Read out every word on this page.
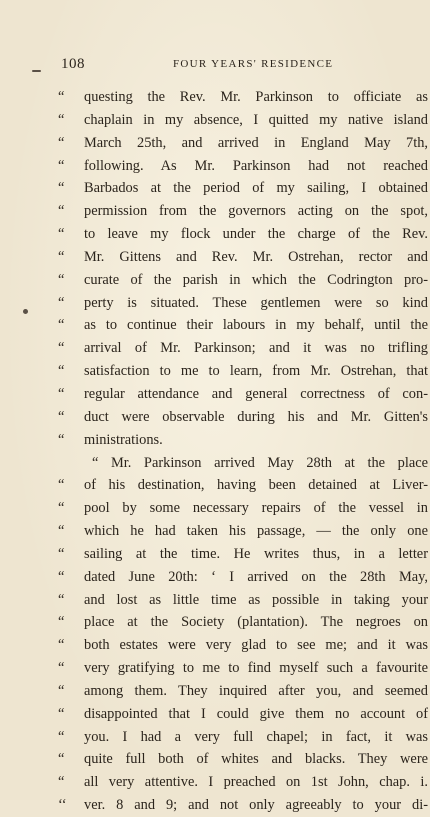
108	FOUR YEARS' RESIDENCE
“	questing the Rev. Mr. Parkinson to officiate as
“	chaplain in my absence, I quitted my native island
“	March 25th, and arrived in England May 7th,
“	following. As Mr. Parkinson had not reached
“	Barbados at the period of my sailing, I obtained
“	permission from the governors acting on the spot,
“	to leave my flock under the charge of the Rev.
“	Mr. Gittens and Rev. Mr. Ostrehan, rector and
“	curate of the parish in which the Codrington pro-
“	perty is situated. These gentlemen were so kind
“	as to continue their labours in my behalf, until the
“	arrival of Mr. Parkinson; and it was no trifling
“	satisfaction to me to learn, from Mr. Ostrehan, that
“	regular attendance and general correctness of con-
“	duct were observable during his and Mr. Gitten's
“	ministrations.
“ Mr. Parkinson arrived May 28th at the place
“	of his destination, having been detained at Liver-
“	pool by some necessary repairs of the vessel in
“	which he had taken his passage, — the only one
“	sailing at the time. He writes thus, in a letter
“	dated June 20th: ‘ I arrived on the 28th May,
“	and lost as little time as possible in taking your
“	place at the Society (plantation). The negroes on
“	both estates were very glad to see me; and it was
“	very gratifying to me to find myself such a favourite
“	among them. They inquired after you, and seemed
“	disappointed that I could give them no account of
“	you. I had a very full chapel; in fact, it was
“	quite full both of whites and blacks. They were
“	all very attentive. I preached on 1st John, chap. i.
‘‘	ver. 8 and 9; and not only agreeably to your di-
